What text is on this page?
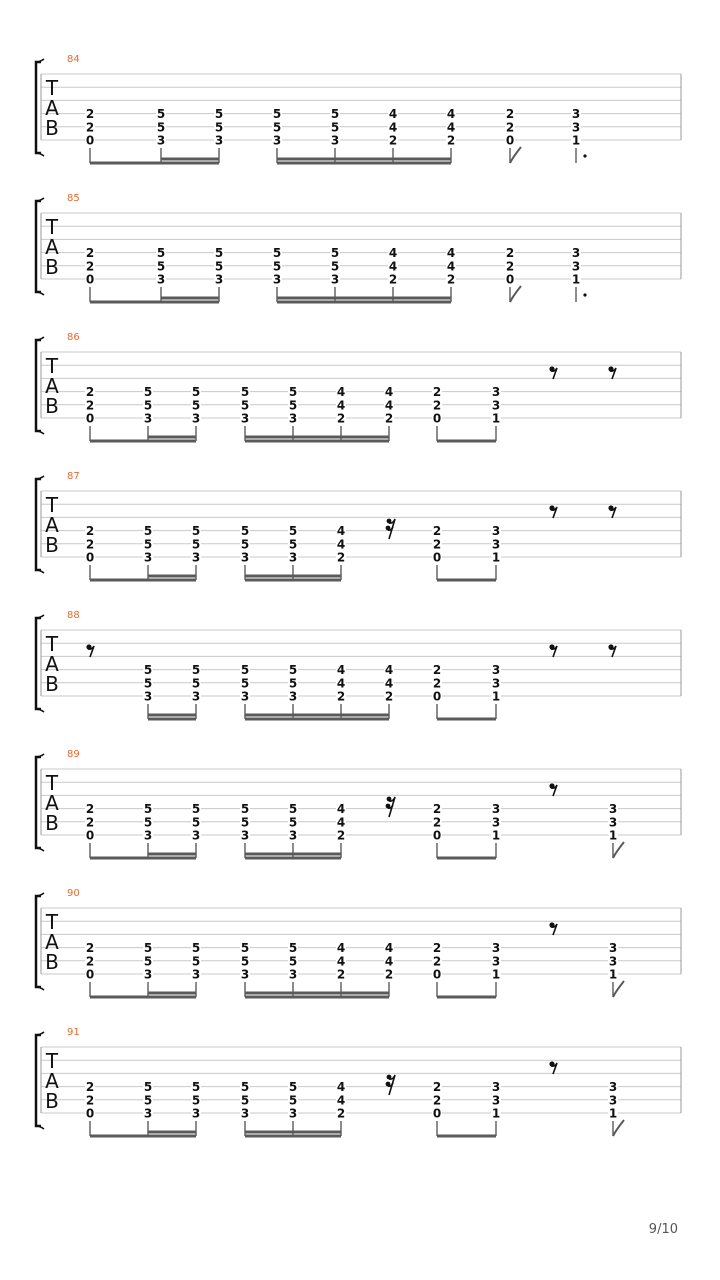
84
T
A
B
2
2
0
5
5
3
5
5
3
5
5
3
5
5
3
4
4
2
4
4
2
2
2
0
3
3
1
85
T
A
B
2
2
0
5
5
3
5
5
3
5
5
3
5
5
3
4
4
2
4
4
2
2
2
0
3
3
1
86
T
A
B
2
2
0
5
5
3
5
5
3
5
5
3
5
5
3
4
4
2
4
4
2
2
2
0
3
3
1
87
T
A
B
2
2
0
5
5
3
5
5
3
5
5
3
5
5
3
4
4
2
2
2
0
3
3
1
88
T
A
B
5
5
3
5
5
3
5
5
3
5
5
3
4
4
2
4
4
2
2
2
0
3
3
1
89
T
A
B
2
2
0
5
5
3
5
5
3
5
5
3
5
5
3
4
4
2
2
2
0
3
3
1
3
3
1
90
T
A
B
2
2
0
5
5
3
5
5
3
5
5
3
5
5
3
4
4
2
4
4
2
2
2
0
3
3
1
3
3
1
91
T
A
B
2
2
0
5
5
3
5
5
3
5
5
3
5
5
3
4
4
2
2
2
0
3
3
1
3
3
1
9/10
